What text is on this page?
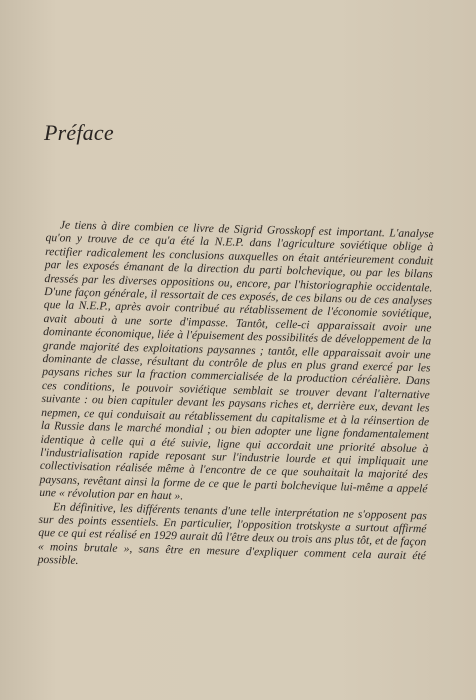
Préface

Je tiens à dire combien ce livre de Sigrid Grosskopf est important. L'analyse qu'on y trouve de ce qu'a été la N.E.P. dans l'agriculture soviétique oblige à rectifier radicalement les conclusions auxquelles on était antérieurement conduit par les exposés émanant de la direction du parti bolchevique, ou par les bilans dressés par les diverses oppositions ou, encore, par l'historiographie occidentale. D'une façon générale, il ressortait de ces exposés, de ces bilans ou de ces analyses que la N.E.P., après avoir contribué au rétablissement de l'économie soviétique, avait abouti à une sorte d'impasse. Tantôt, celle-ci apparaissait avoir une dominante économique, liée à l'épuisement des possibilités de développement de la grande majorité des exploitations paysannes ; tantôt, elle apparaissait avoir une dominante de classe, résultant du contrôle de plus en plus grand exercé par les paysans riches sur la fraction commercialisée de la production céréalière. Dans ces conditions, le pouvoir soviétique semblait se trouver devant l'alternative suivante : ou bien capituler devant les paysans riches et, derrière eux, devant les nepmen, ce qui conduisait au rétablissement du capitalisme et à la réinsertion de la Russie dans le marché mondial ; ou bien adopter une ligne fondamentalement identique à celle qui a été suivie, ligne qui accordait une priorité absolue à l'industrialisation rapide reposant sur l'industrie lourde et qui impliquait une collectivisation réalisée même à l'encontre de ce que souhaitait la majorité des paysans, revêtant ainsi la forme de ce que le parti bolchevique lui-même a appelé une « révolution par en haut ».

En définitive, les différents tenants d'une telle interprétation ne s'opposent pas sur des points essentiels. En particulier, l'opposition trotskyste a surtout affirmé que ce qui est réalisé en 1929 aurait dû l'être deux ou trois ans plus tôt, et de façon « moins brutale », sans être en mesure d'expliquer comment cela aurait été possible.
